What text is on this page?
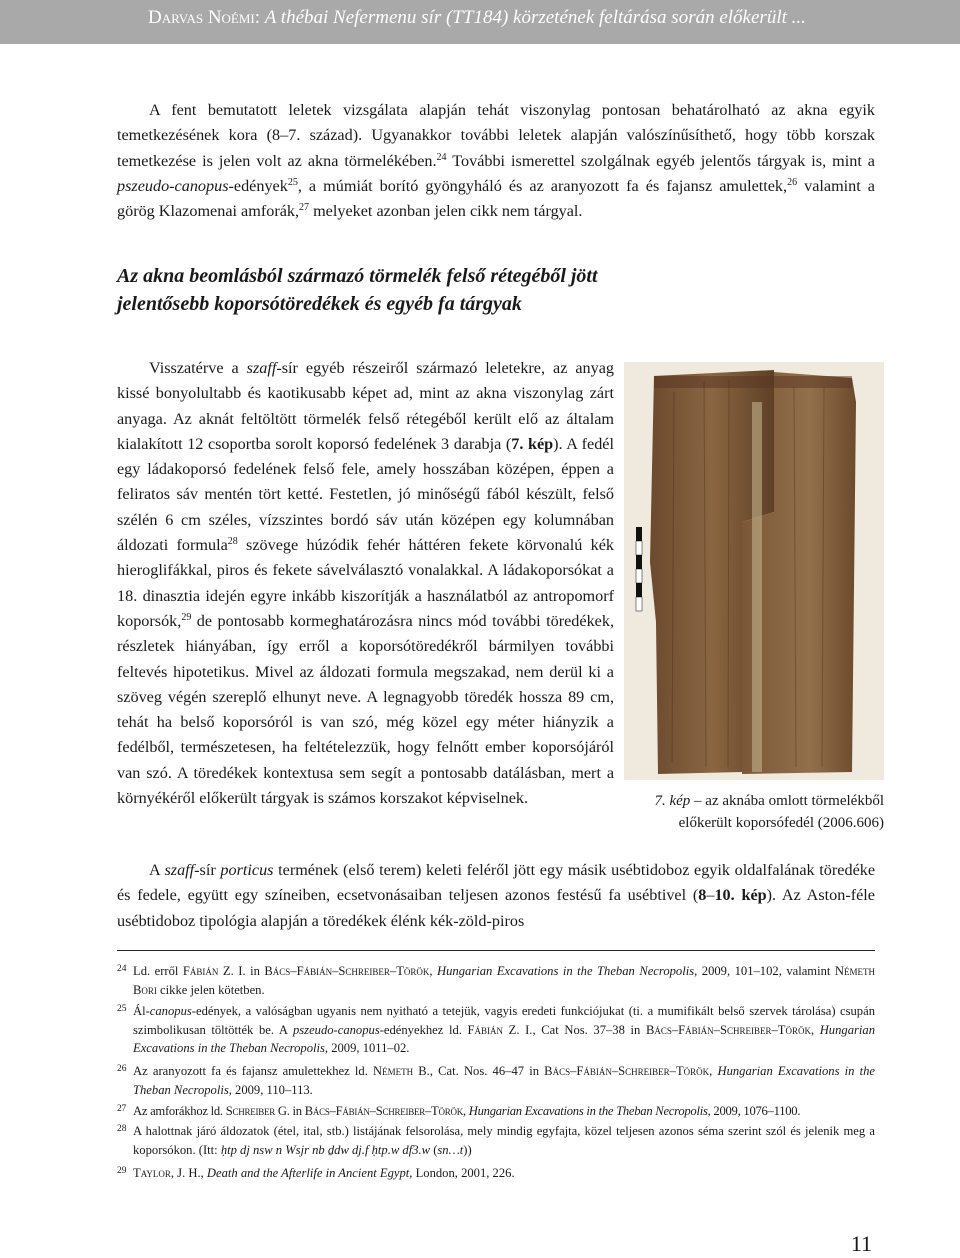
Darvas Noémi: A thébai Nefermenu sír (TT184) körzetének feltárása során előkerült ...

A fent bemutatott leletek vizsgálata alapján tehát viszonylag pontosan behatárolható az akna egyik temetkezésének kora (8–7. század). Ugyanakkor további leletek alapján valószínűsíthető, hogy több korszak temetkezése is jelen volt az akna törmelékében.$^{24}$ További ismerettel szolgálnak egyéb jelentős tárgyak is, mint a pszeudo-canopus-edények$^{25}$, a múmiát borító gyöngyháló és az aranyozott fa és fajansz amulettek,$^{26}$ valamint a görög Klazomenai amforák,$^{27}$ melyeket azonban jelen cikk nem tárgyal.

Az akna beomlásból származó törmelék felső rétegéből jött jelentősebb koporsótöredékek és egyéb fa tárgyak

Visszatérve a szaff-sír egyéb részeiről származó leletekre, az anyag kissé bonyolultabb és kaotikusabb képet ad, mint az akna viszonylag zárt anyaga. Az aknát feltöltött törmelék felső rétegéből került elő az általam kialakított 12 csoportba sorolt koporsó fedelének 3 darabja (7. kép). A fedél egy ládakoporsó fedelének felső fele, amely hosszában középen, éppen a feliratos sáv mentén tört ketté. Festetlen, jó minőségű fából készült, felső szélén 6 cm széles, vízszintes bordó sáv után középen egy kolumnában áldozati formula$^{28}$ szövege húzódik fehér háttéren fekete körvonalú kék hieroglifákkal, piros és fekete sávelválasztó vonalakkal. A ládakoporsókat a 18. dinasztia idején egyre inkább kiszorítják a használatból az antropomorf koporsók,$^{29}$ de pontosabb kormeghatározásra nincs mód további töredékek, részletek hiányában, így erről a koporsótöredékről bármilyen további feltevés hipotetikus. Mivel az áldozati formula megszakad, nem derül ki a szöveg végén szereplő elhunyt neve. A legnagyobb töredék hossza 89 cm, tehát ha belső koporsóról is van szó, még közel egy méter hiányzik a fedélből, természetesen, ha feltételezzük, hogy felnőtt ember koporsójáról van szó. A töredékek kontextusa sem segít a pontosabb datálásban, mert a környékéről előkerült tárgyak is számos korszakot képviselnek.	7. kép – az aknába omlott törmelékből előkerült koporsófedél (2006.606)

A szaff-sír porticus termének (első terem) keleti feléről jött egy másik usébtidoboz egyik oldalfalának töredéke és fedele, együtt egy színeiben, ecsetvonásaiban teljesen azonos festésű fa usébtivel (8–10. kép). Az Aston-féle usébtidoboz tipológia alapján a töredékek élénk kék-zöld-piros

24 Ld. erről Fábián Z. I. in Bács–Fábián–Schreiber–Török, Hungarian Excavations in the Theban Necropolis, 2009, 101–102, valamint Németh Bori cikke jelen kötetben.
25 Ál-canopus-edények, a valóságban ugyanis nem nyitható a tetejük, vagyis eredeti funkciójukat (ti. a mumifikált belső szervek tárolása) csupán szimbolikusan töltötték be. A pszeudo-canopus-edényekhez ld. Fábián Z. I., Cat Nos. 37–38 in Bács–Fábián–Schreiber–Török, Hungarian Excavations in the Theban Necropolis, 2009, 1011–02.
26 Az aranyozott fa és fajansz amulettekhez ld. Németh B., Cat. Nos. 46–47 in Bács–Fábián–Schreiber–Török, Hungarian Excavations in the Theban Necropolis, 2009, 110–113.
27 Az amforákhoz ld. Schreiber G. in Bács–Fábián–Schreiber–Török, Hungarian Excavations in the Theban Necropolis, 2009, 1076–1100.
28 A halottnak járó áldozatok (étel, ital, stb.) listájának felsorolása, mely mindig egyfajta, közel teljesen azonos séma szerint szól és jelenik meg a koporsókon. (Itt: ḥtp dj nsw n Wsjr nb ḏdw dj.f ḥtp.w df3.w (sn…t))
29 Taylor, J. H., Death and the Afterlife in Ancient Egypt, London, 2001, 226.
11
